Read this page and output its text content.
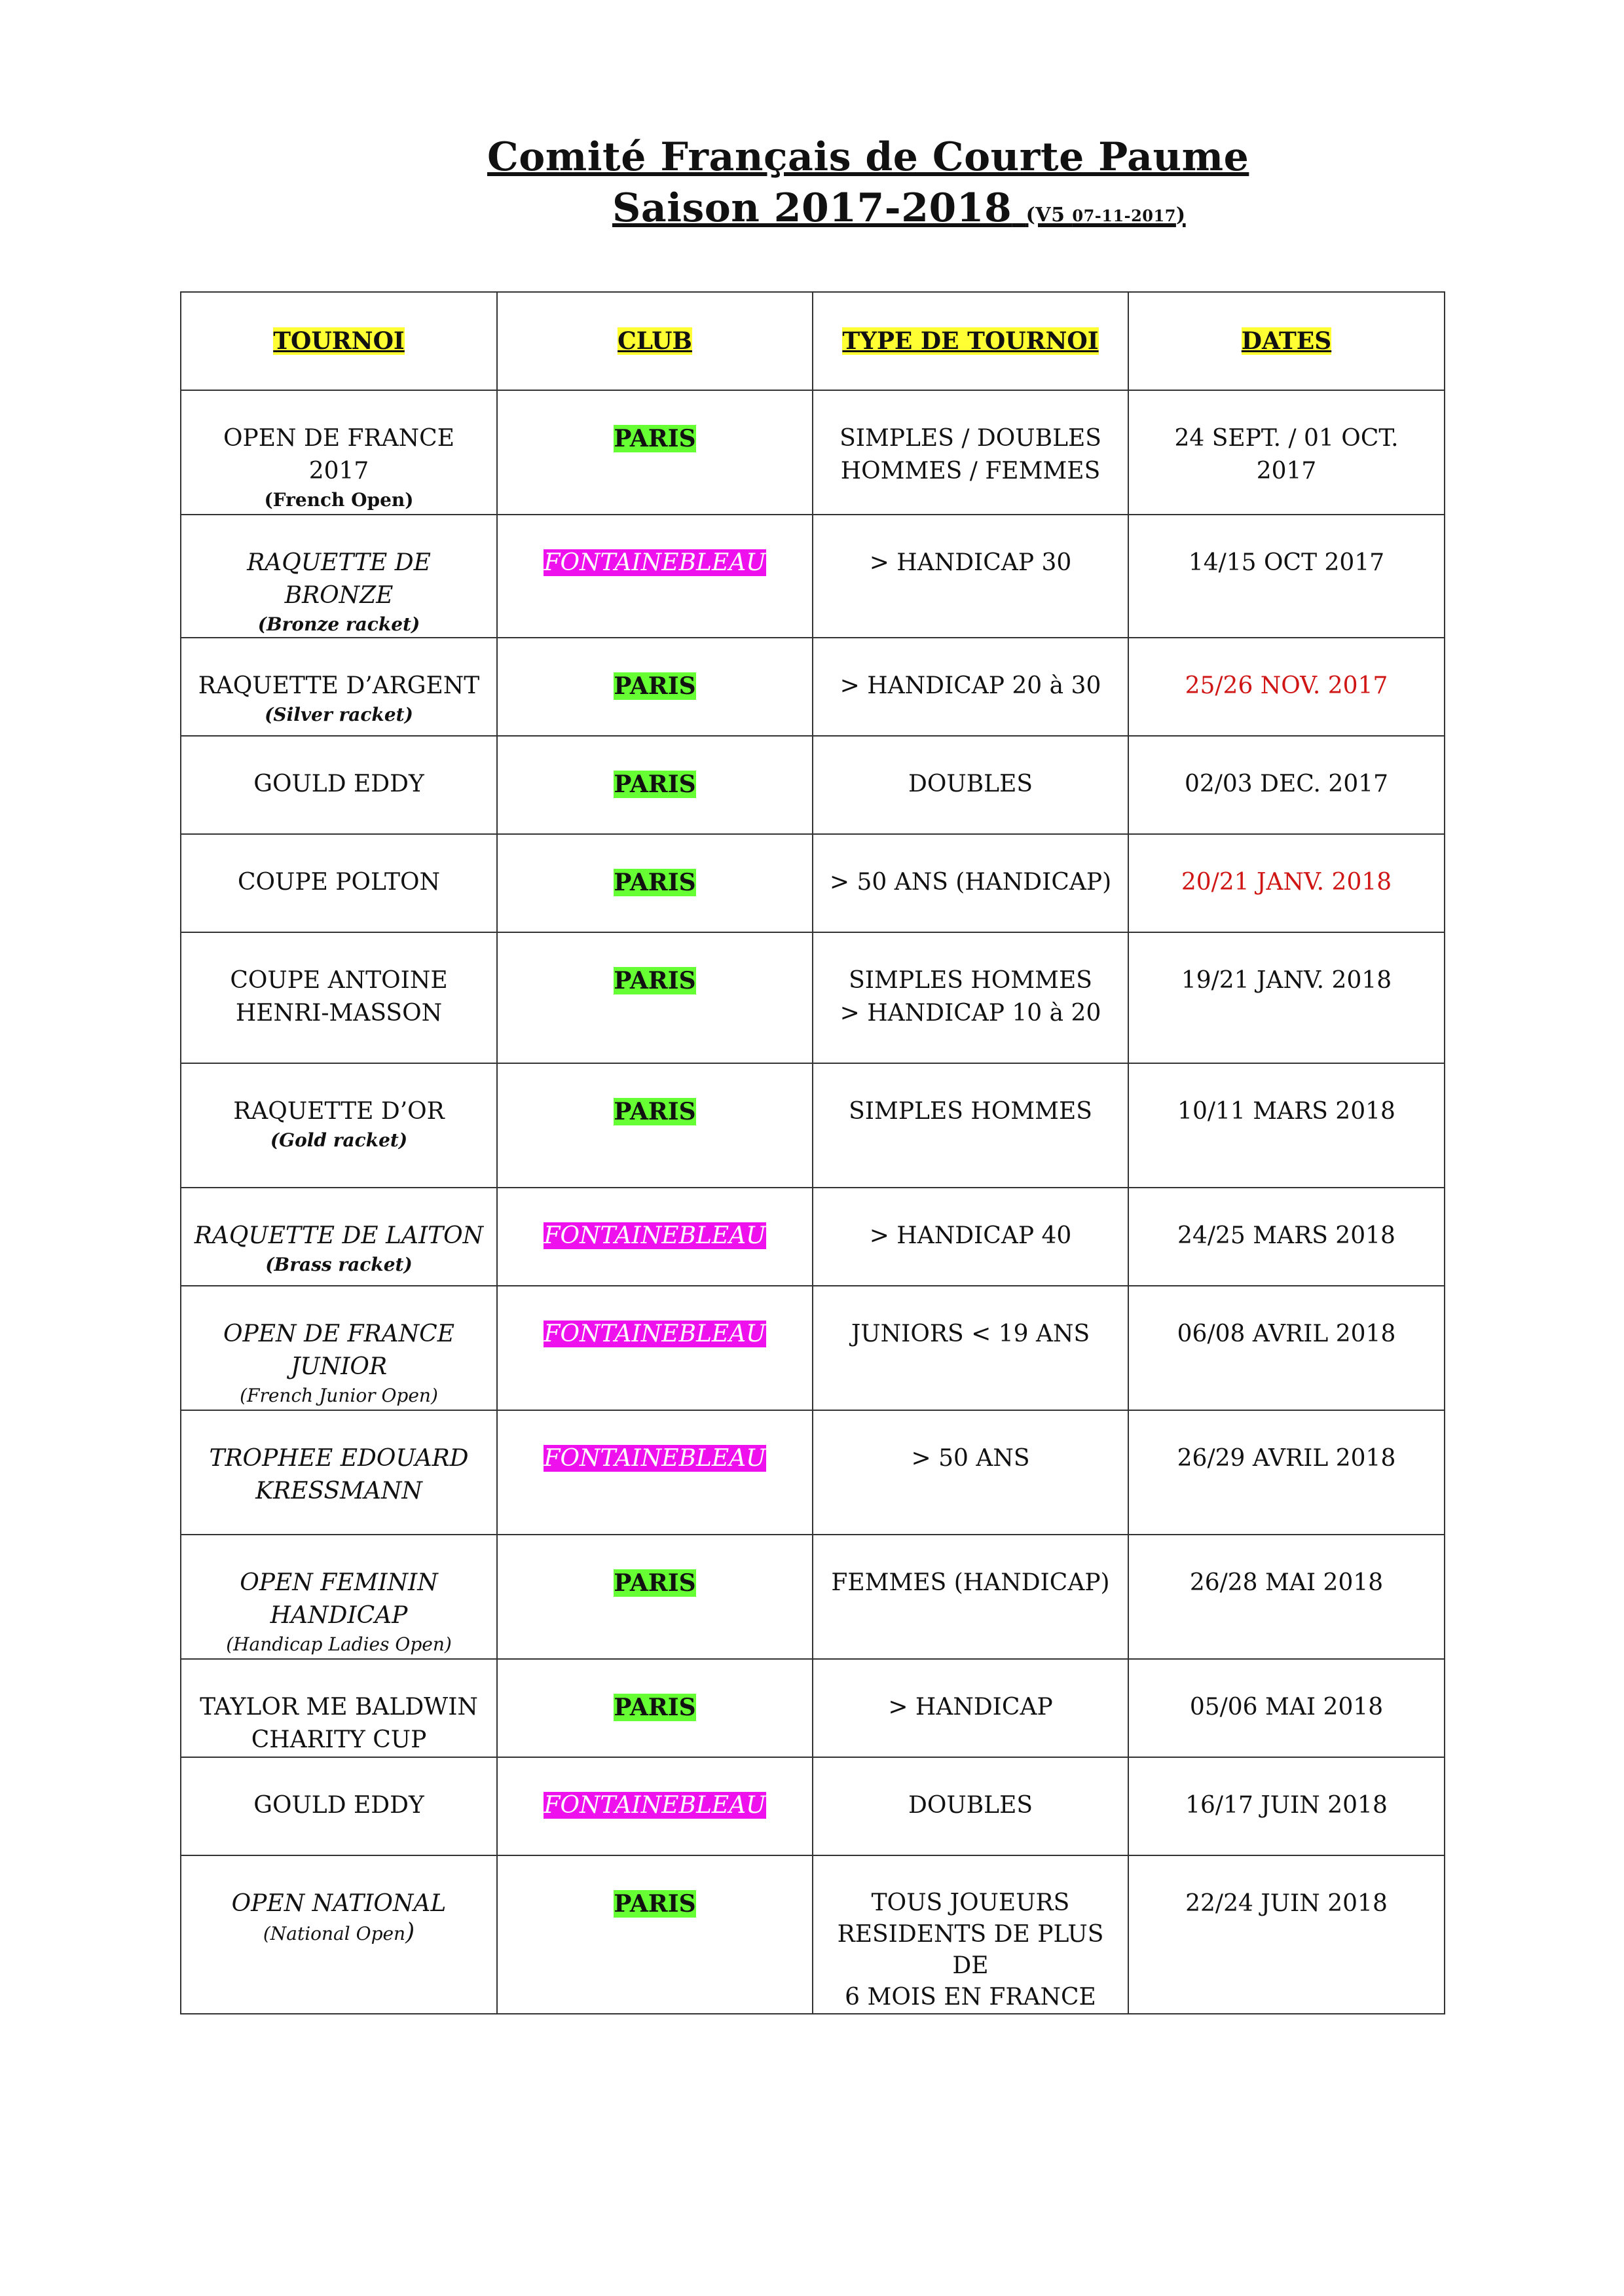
Comité Français de Courte Paume
Saison 2017-2018 (V5 07-11-2017)
TOURNOI	CLUB	TYPE DE TOURNOI	DATES

OPEN DE FRANCE
2017
(French Open)	PARIS	SIMPLES / DOUBLES
HOMMES / FEMMES	24 SEPT. / 01 OCT.
2017

RAQUETTE DE BRONZE
(Bronze racket)	FONTAINEBLEAU	> HANDICAP 30	14/15 OCT 2017

RAQUETTE D’ARGENT
(Silver racket)	PARIS	> HANDICAP 20 à 30	25/26 NOV. 2017

GOULD EDDY	PARIS	DOUBLES	02/03 DEC. 2017

COUPE POLTON	PARIS	> 50 ANS (HANDICAP)	20/21 JANV. 2018

COUPE ANTOINE
HENRI-MASSON	PARIS	SIMPLES HOMMES
> HANDICAP 10 à 20	19/21 JANV. 2018

RAQUETTE D’OR
(Gold racket)	PARIS	SIMPLES HOMMES	10/11 MARS 2018

RAQUETTE DE LAITON
(Brass racket)	FONTAINEBLEAU	> HANDICAP 40	24/25 MARS 2018

OPEN DE FRANCE
JUNIOR
(French Junior Open)	FONTAINEBLEAU	JUNIORS < 19 ANS	06/08 AVRIL 2018

TROPHEE EDOUARD
KRESSMANN	FONTAINEBLEAU	> 50 ANS	26/29 AVRIL 2018

OPEN FEMININ
HANDICAP
(Handicap Ladies Open)	PARIS	FEMMES (HANDICAP)	26/28 MAI 2018

TAYLOR ME BALDWIN
CHARITY CUP	PARIS	> HANDICAP	05/06 MAI 2018

GOULD EDDY	FONTAINEBLEAU	DOUBLES	16/17 JUIN 2018

OPEN NATIONAL
(National Open)	PARIS	TOUS JOUEURS
RESIDENTS DE PLUS DE
6 MOIS EN FRANCE	22/24 JUIN 2018
